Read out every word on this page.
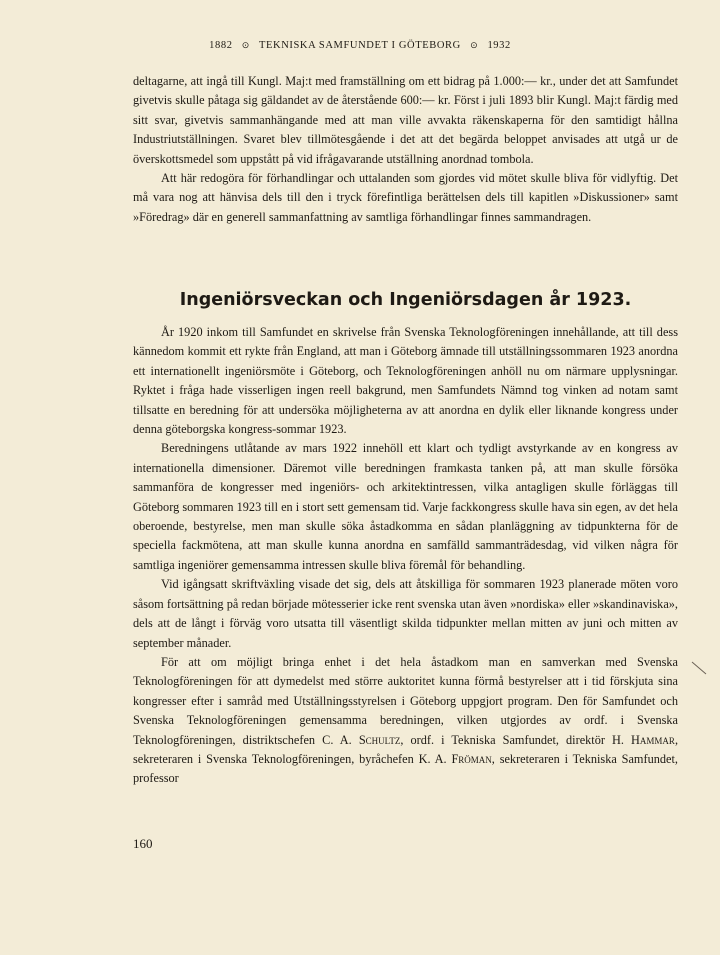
1882 ⊙ TEKNISKA SAMFUNDET I GÖTEBORG ⊙ 1932

deltagarne, att ingå till Kungl. Maj:t med framställning om ett bidrag på 1.000:— kr., under det att Samfundet givetvis skulle påtaga sig gäldandet av de återstående 600:— kr. Först i juli 1893 blir Kungl. Maj:t färdig med sitt svar, givetvis sammanhängande med att man ville avvakta räkenskaperna för den samtidigt hållna Industriutställningen. Svaret blev tillmötesgående i det att det begärda beloppet anvisades att utgå ur de överskottsmedel som uppstått på vid ifrågavarande utställning anordnad tombola.

Att här redogöra för förhandlingar och uttalanden som gjordes vid mötet skulle bliva för vidlyftig. Det må vara nog att hänvisa dels till den i tryck förefintliga berättelsen dels till kapitlen »Diskussioner» samt »Föredrag» där en generell sammanfattning av samtliga förhandlingar finnes sammandragen.

Ingeniörsveckan och Ingeniörsdagen år 1923.

År 1920 inkom till Samfundet en skrivelse från Svenska Teknologföreningen innehållande, att till dess kännedom kommit ett rykte från England, att man i Göteborg ämnade till utställningssommaren 1923 anordna ett internationellt ingeniörsmöte i Göteborg, och Teknologföreningen anhöll nu om närmare upplysningar. Ryktet i fråga hade visserligen ingen reell bakgrund, men Samfundets Nämnd tog vinken ad notam samt tillsatte en beredning för att undersöka möjligheterna av att anordna en dylik eller liknande kongress under denna göteborgska kongress-sommar 1923.

Beredningens utlåtande av mars 1922 innehöll ett klart och tydligt avstyrkande av en kongress av internationella dimensioner. Däremot ville beredningen framkasta tanken på, att man skulle försöka sammanföra de kongresser med ingeniörs- och arkitektintressen, vilka antagligen skulle förläggas till Göteborg sommaren 1923 till en i stort sett gemensam tid. Varje fackkongress skulle hava sin egen, av det hela oberoende, bestyrelse, men man skulle söka åstadkomma en sådan planläggning av tidpunkterna för de speciella fackmötena, att man skulle kunna anordna en samfälld sammanträdesdag, vid vilken några för samtliga ingeniörer gemensamma intressen skulle bliva föremål för behandling.

Vid igångsatt skriftväxling visade det sig, dels att åtskilliga för sommaren 1923 planerade möten voro såsom fortsättning på redan började mötesserier icke rent svenska utan även »nordiska» eller »skandinaviska», dels att de långt i förväg voro utsatta till väsentligt skilda tidpunkter mellan mitten av juni och mitten av september månader.

För att om möjligt bringa enhet i det hela åstadkom man en samverkan med Svenska Teknologföreningen för att dymedelst med större auktoritet kunna förmå bestyrelser att i tid förskjuta sina kongresser efter i samråd med Utställningsstyrelsen i Göteborg uppgjort program. Den för Samfundet och Svenska Teknologföreningen gemensamma beredningen, vilken utgjordes av ordf. i Svenska Teknologföreningen, distriktschefen C. A. Schultz, ordf. i Tekniska Samfundet, direktör H. Hammar, sekreteraren i Svenska Teknologföreningen, byråchefen K. A. Fröman, sekreteraren i Tekniska Samfundet, professor

160
